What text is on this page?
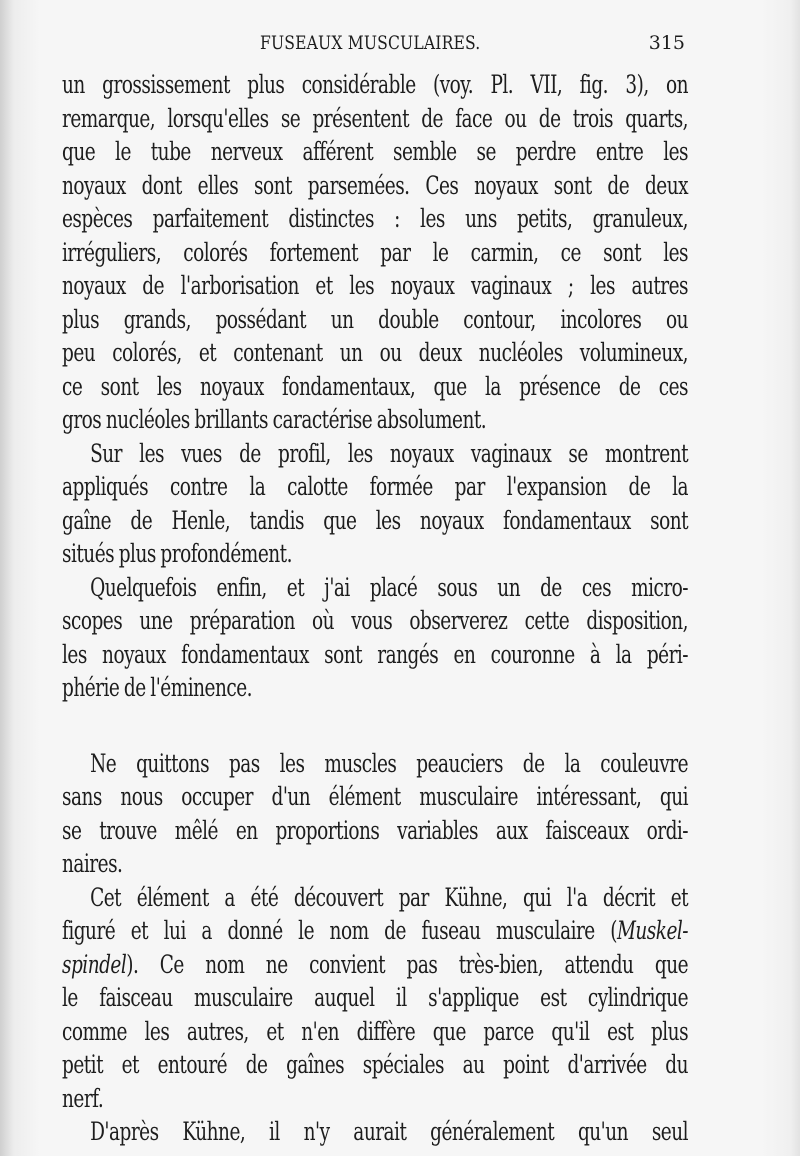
FUSEAUX MUSCULAIRES.	315
un grossissement plus considérable (voy. Pl. VII, fig. 3), on
remarque, lorsqu'elles se présentent de face ou de trois quarts,
que le tube nerveux afférent semble se perdre entre les
noyaux dont elles sont parsemées. Ces noyaux sont de deux
espèces parfaitement distinctes : les uns petits, granuleux,
irréguliers, colorés fortement par le carmin, ce sont les
noyaux de l'arborisation et les noyaux vaginaux ; les autres
plus grands, possédant un double contour, incolores ou
peu colorés, et contenant un ou deux nucléoles volumineux,
ce sont les noyaux fondamentaux, que la présence de ces
gros nucléoles brillants caractérise absolument.
Sur les vues de profil, les noyaux vaginaux se montrent
appliqués contre la calotte formée par l'expansion de la
gaîne de Henle, tandis que les noyaux fondamentaux sont
situés plus profondément.
Quelquefois enfin, et j'ai placé sous un de ces micro-
scopes une préparation où vous observerez cette disposition,
les noyaux fondamentaux sont rangés en couronne à la péri-
phérie de l'éminence.
Ne quittons pas les muscles peauciers de la couleuvre
sans nous occuper d'un élément musculaire intéressant, qui
se trouve mêlé en proportions variables aux faisceaux ordi-
naires.
Cet élément a été découvert par Kühne, qui l'a décrit et
figuré et lui a donné le nom de fuseau musculaire (Muskel-
spindel). Ce nom ne convient pas très-bien, attendu que
le faisceau musculaire auquel il s'applique est cylindrique
comme les autres, et n'en diffère que parce qu'il est plus
petit et entouré de gaînes spéciales au point d'arrivée du
nerf.
D'après Kühne, il n'y aurait généralement qu'un seul
